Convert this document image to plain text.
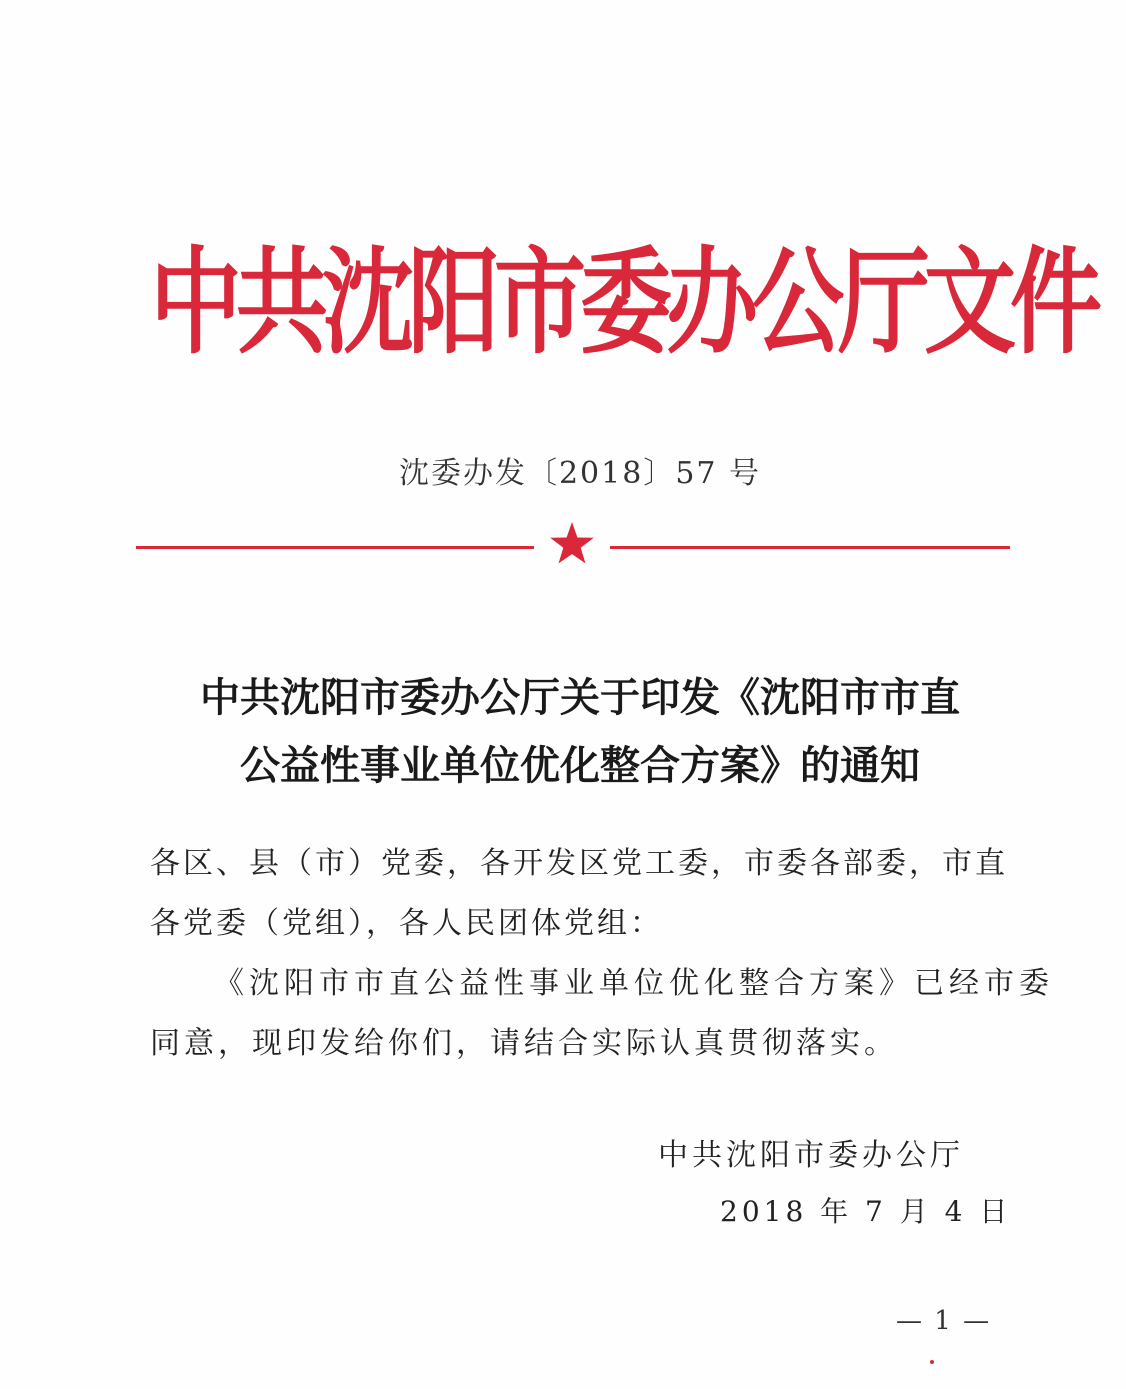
中共沈阳市委办公厅文件
沈委办发〔2018〕57 号
中共沈阳市委办公厅关于印发《沈阳市市直
公益性事业单位优化整合方案》的通知
各区、县（市）党委，各开发区党工委，市委各部委，市直
各党委（党组），各人民团体党组：
《沈阳市市直公益性事业单位优化整合方案》已经市委
同意，现印发给你们，请结合实际认真贯彻落实。
中共沈阳市委办公厅
2018 年 7 月 4 日
— 1 —
